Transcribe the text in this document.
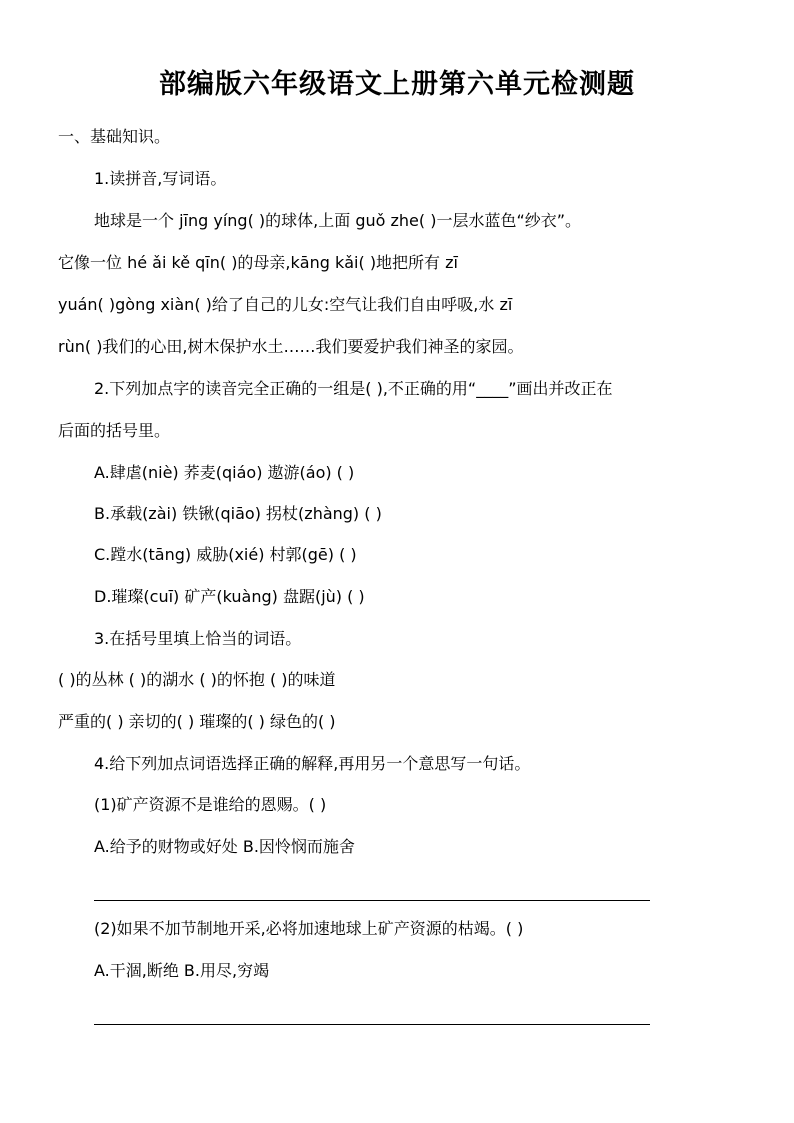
部编版六年级语文上册第六单元检测题
一、基础知识。
1.读拼音,写词语。
地球是一个 jīng yíng( )的球体,上面 guǒ zhe( )一层水蓝色“纱衣”。
它像一位 hé ǎi kě qīn( )的母亲,kāng kǎi( )地把所有 zī
yuán( )gòng xiàn( )给了自己的儿女:空气让我们自由呼吸,水 zī
rùn( )我们的心田,树木保护水土……我们要爱护我们神圣的家园。
2.下列加点字的读音完全正确的一组是( ),不正确的用“____”画出并改正在
后面的括号里。
A.肆虐(niè) 荞麦(qiáo) 遨游(áo) ( )
B.承载(zài) 铁锹(qiāo) 拐杖(zhàng) ( )
C.蹚水(tāng) 威胁(xié) 村郭(gē) ( )
D.璀璨(cuī) 矿产(kuàng) 盘踞(jù) ( )
3.在括号里填上恰当的词语。
( )的丛林 ( )的湖水 ( )的怀抱 ( )的味道
严重的( ) 亲切的( ) 璀璨的( ) 绿色的( )
4.给下列加点词语选择正确的解释,再用另一个意思写一句话。
(1)矿产资源不是谁给的恩赐。( )
A.给予的财物或好处 B.因怜悯而施舍
(2)如果不加节制地开采,必将加速地球上矿产资源的枯竭。( )
A.干涸,断绝 B.用尽,穷竭
